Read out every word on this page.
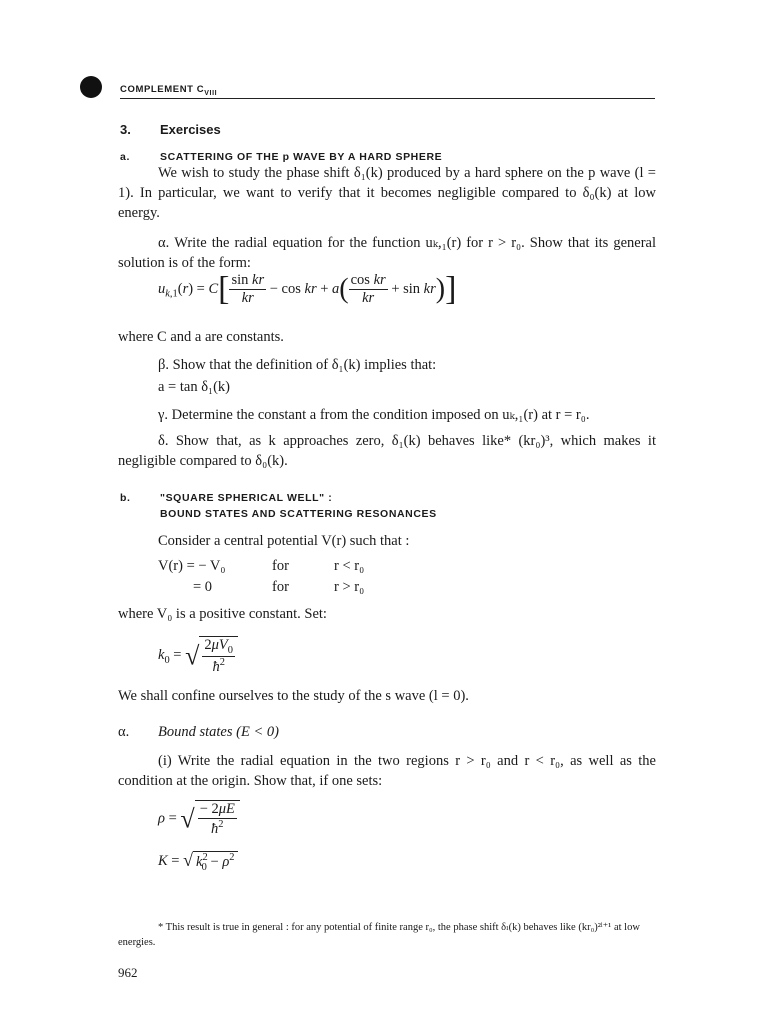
COMPLEMENT $C_{VIII}$
3. Exercises
a.	SCATTERING OF THE p WAVE BY A HARD SPHERE
We wish to study the phase shift δ₁(k) produced by a hard sphere on the p wave (l = 1). In particular, we want to verify that it becomes negligible compared to δ₀(k) at low energy.
α. Write the radial equation for the function uₖ,₁(r) for r > r₀. Show that its general solution is of the form:
$u_{k,1}(r) = C[ \frac{\text{sin kr}}{kr} - \cos$ kr + $a( \frac{\text{cos kr}}{kr} + \sin kr)$]
where C and a are constants.
β. Show that the definition of δ₁(k) implies that:
a = tan δ₁(k)
γ. Determine the constant a from the condition imposed on uₖ,₁(r) at r = r₀.
δ. Show that, as k approaches zero, δ₁(k) behaves like* (kr₀)³, which makes it negligible compared to δ₀(k).
b.	"SQUARE SPHERICAL WELL" :
BOUND STATES AND SCATTERING RESONANCES
Consider a central potential V(r) such that :
V(r) = − V₀	for	r < r₀
= 0	for	r > r₀
where V₀ is a positive constant. Set:
$k_0$ = √ $\frac{2\mu V_0}{ħ^2}$
We shall confine ourselves to the study of the s wave (l = 0).
α. Bound states (E < 0)
(i) Write the radial equation in the two regions r > r₀ and r < r₀, as well as the condition at the origin. Show that, if one sets:
ρ = √ $\frac{- 2\mu E}{ħ^2}$
K = √ $k^2_0 - \rho^2$
* This result is true in general : for any potential of finite range r₀, the phase shift δₗ(k) behaves like (kr₀)²ˡ⁺¹ at low energies.
962
